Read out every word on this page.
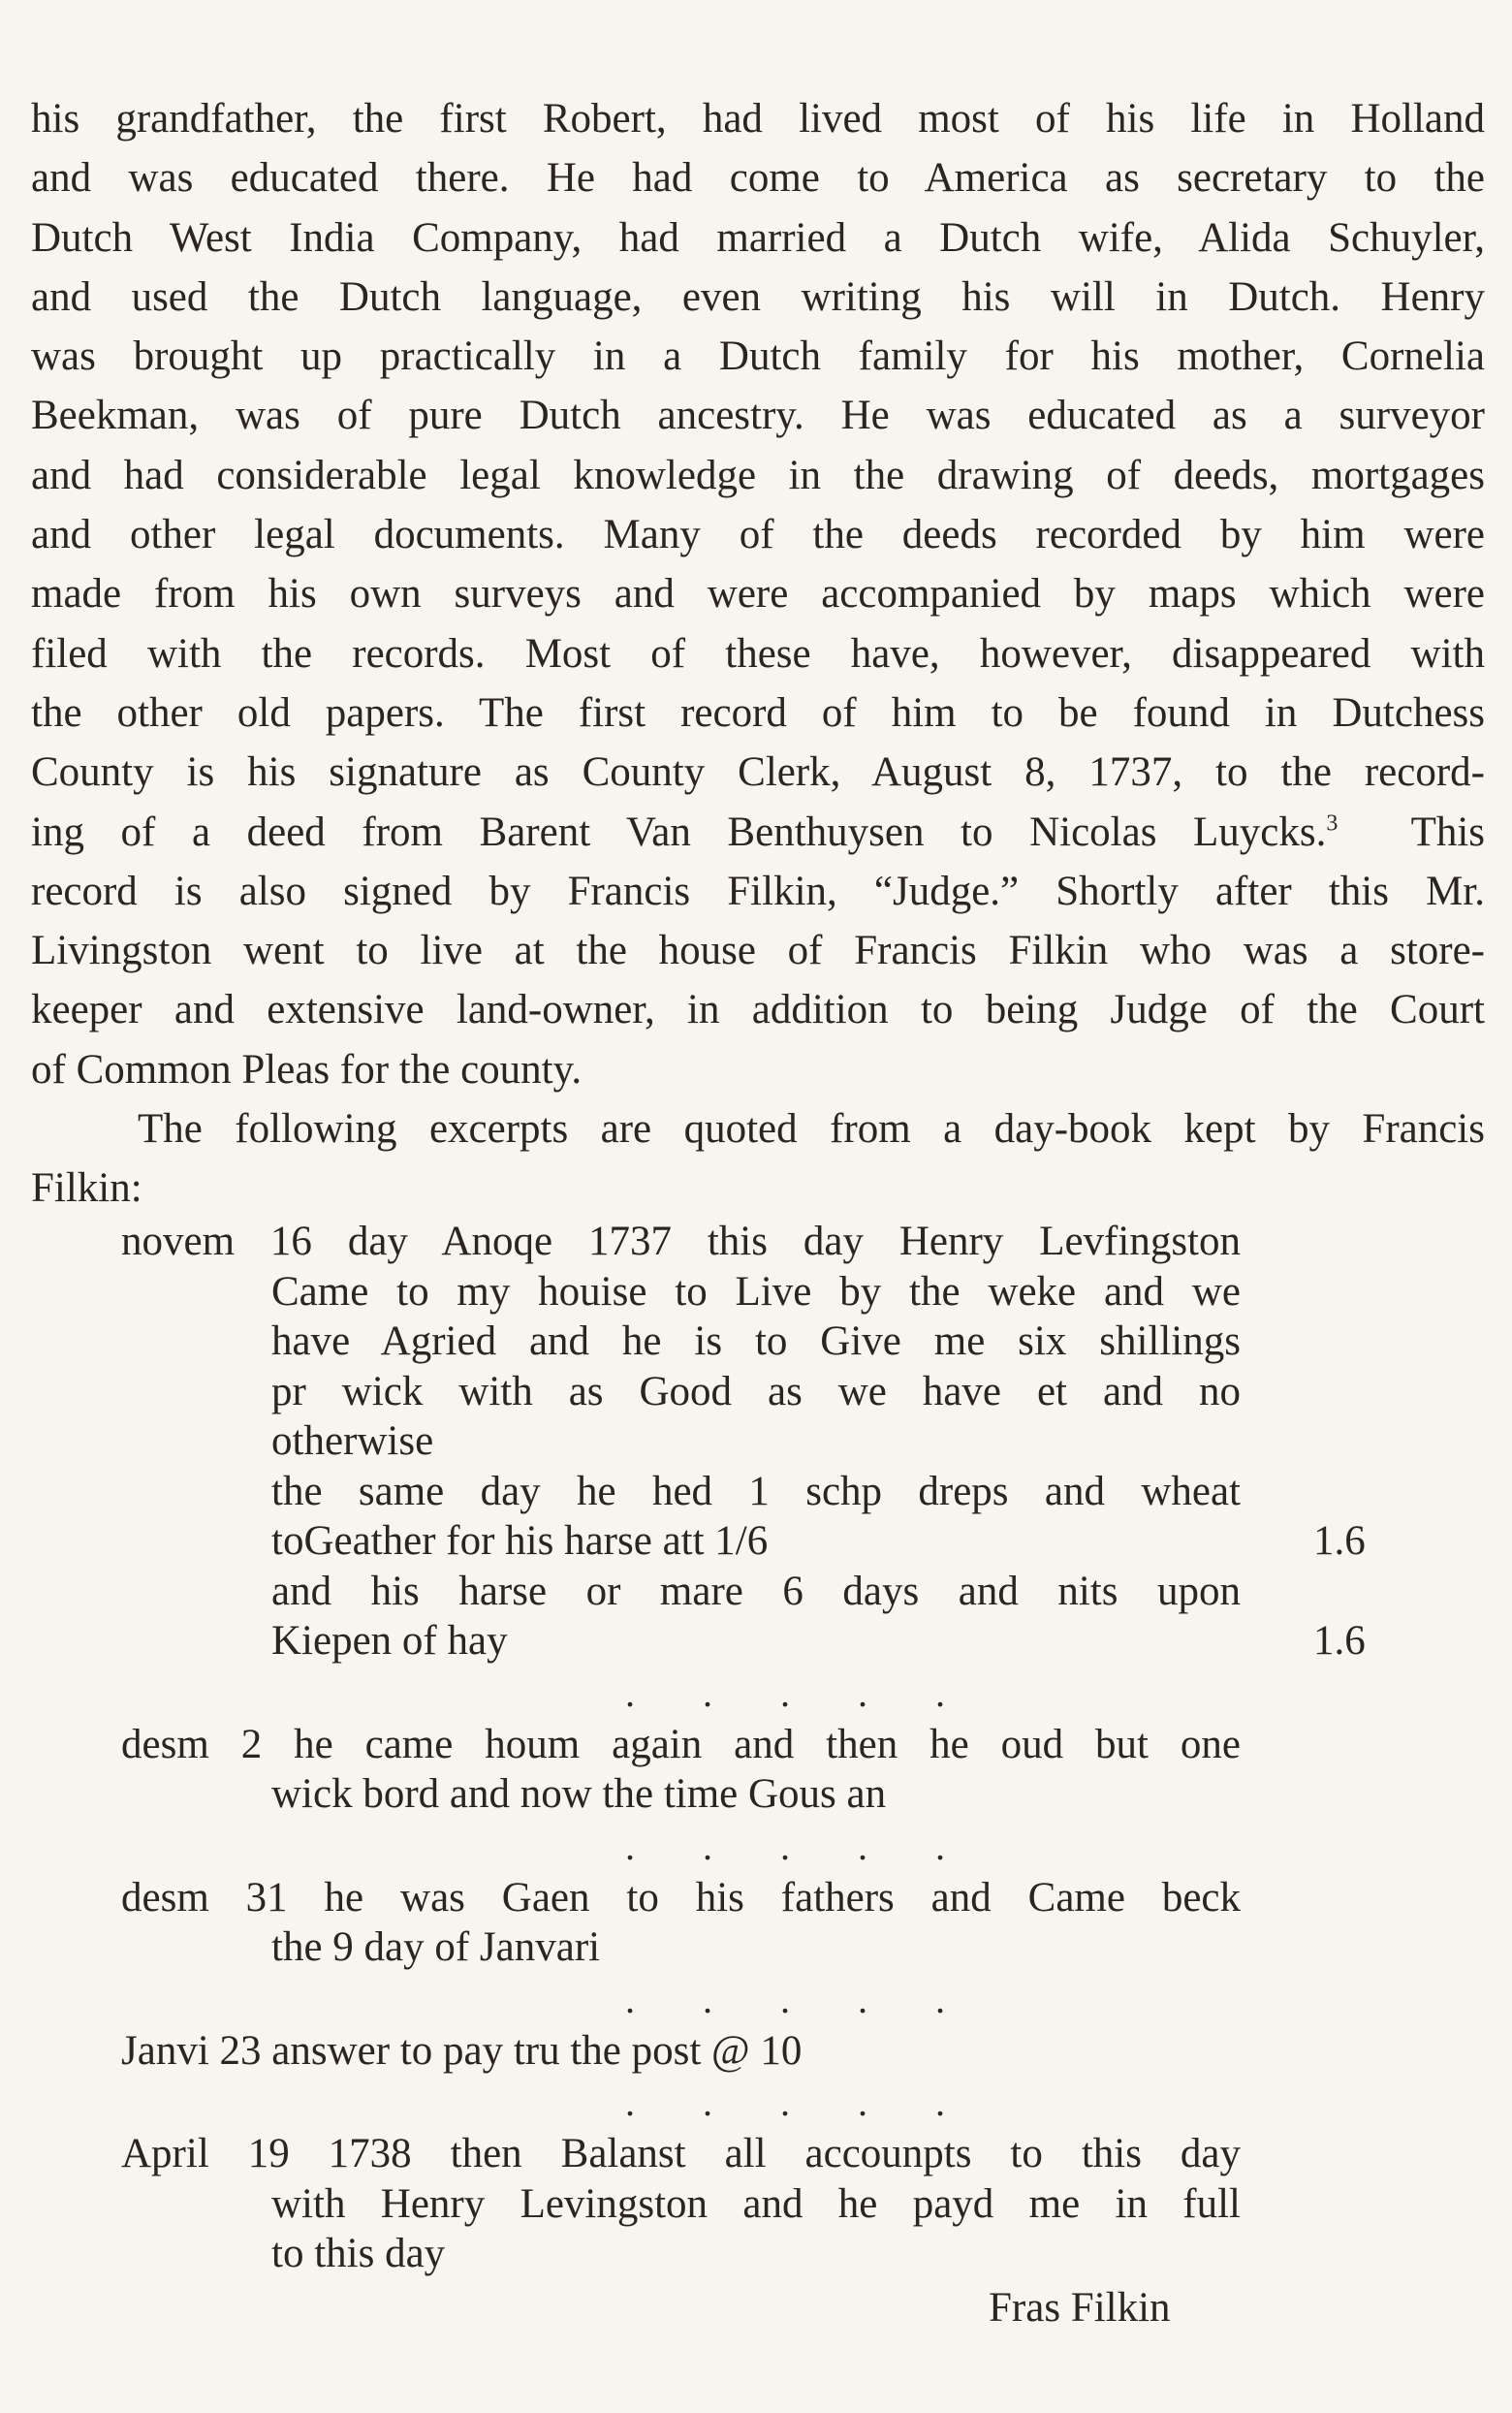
his grandfather, the first Robert, had lived most of his life in Holland
and was educated there. He had come to America as secretary to the
Dutch West India Company, had married a Dutch wife, Alida Schuyler,
and used the Dutch language, even writing his will in Dutch. Henry
was brought up practically in a Dutch family for his mother, Cornelia
Beekman, was of pure Dutch ancestry. He was educated as a surveyor
and had considerable legal knowledge in the drawing of deeds, mortgages
and other legal documents. Many of the deeds recorded by him were
made from his own surveys and were accompanied by maps which were
filed with the records. Most of these have, however, disappeared with
the other old papers. The first record of him to be found in Dutchess
County is his signature as County Clerk, August 8, 1737, to the record-
ing of a deed from Barent Van Benthuysen to Nicolas Luycks.$^3$ This
record is also signed by Francis Filkin, “Judge.” Shortly after this Mr.
Livingston went to live at the house of Francis Filkin who was a store-
keeper and extensive land-owner, in addition to being Judge of the Court
of Common Pleas for the county.

The following excerpts are quoted from a day-book kept by Francis
Filkin:

novem 16 day Anoqe 1737 this day Henry Levfingston
Came to my houise to Live by the weke and we
have Agried and he is to Give me six shillings
pr wick with as Good as we have et and no
otherwise
the same day he hed 1 schp dreps and wheat
toGeather for his harse att 1/6	1.6
and his harse or mare 6 days and nits upon
Kiepen of hay	1.6
. . . . .
desm 2 he came houm again and then he oud but one
wick bord and now the time Gous an
. . . . .
desm 31 he was Gaen to his fathers and Came beck
the 9 day of Janvari
. . . . .
Janvi 23 answer to pay tru the post @ 10
. . . . .
April 19 1738 then Balanst all accounpts to this day
with Henry Levingston and he payd me in full
to this day
Fras Filkin
